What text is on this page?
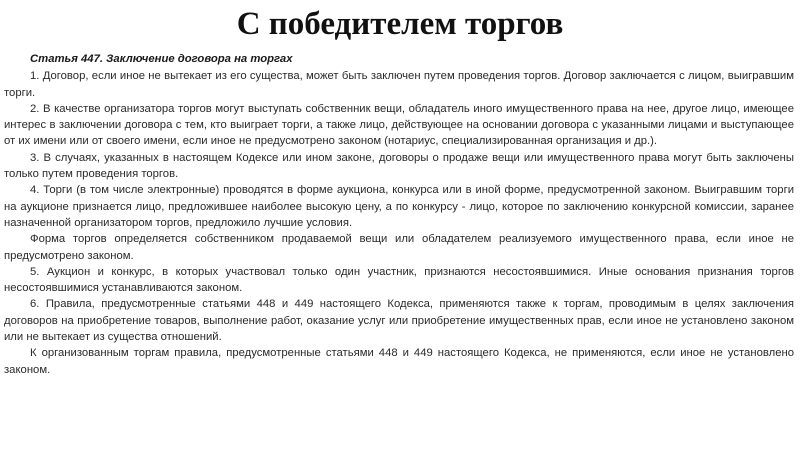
С победителем торгов
Статья 447. Заключение договора на торгах

1. Договор, если иное не вытекает из его существа, может быть заключен путем проведения торгов. Договор заключается с лицом, выигравшим торги.

2. В качестве организатора торгов могут выступать собственник вещи, обладатель иного имущественного права на нее, другое лицо, имеющее интерес в заключении договора с тем, кто выиграет торги, а также лицо, действующее на основании договора с указанными лицами и выступающее от их имени или от своего имени, если иное не предусмотрено законом (нотариус, специализированная организация и др.).

3. В случаях, указанных в настоящем Кодексе или ином законе, договоры о продаже вещи или имущественного права могут быть заключены только путем проведения торгов.

4. Торги (в том числе электронные) проводятся в форме аукциона, конкурса или в иной форме, предусмотренной законом. Выигравшим торги на аукционе признается лицо, предложившее наиболее высокую цену, а по конкурсу - лицо, которое по заключению конкурсной комиссии, заранее назначенной организатором торгов, предложило лучшие условия.

Форма торгов определяется собственником продаваемой вещи или обладателем реализуемого имущественного права, если иное не предусмотрено законом.

5. Аукцион и конкурс, в которых участвовал только один участник, признаются несостоявшимися. Иные основания признания торгов несостоявшимися устанавливаются законом.

6. Правила, предусмотренные статьями 448 и 449 настоящего Кодекса, применяются также к торгам, проводимым в целях заключения договоров на приобретение товаров, выполнение работ, оказание услуг или приобретение имущественных прав, если иное не установлено законом или не вытекает из существа отношений.

К организованным торгам правила, предусмотренные статьями 448 и 449 настоящего Кодекса, не применяются, если иное не установлено законом.
